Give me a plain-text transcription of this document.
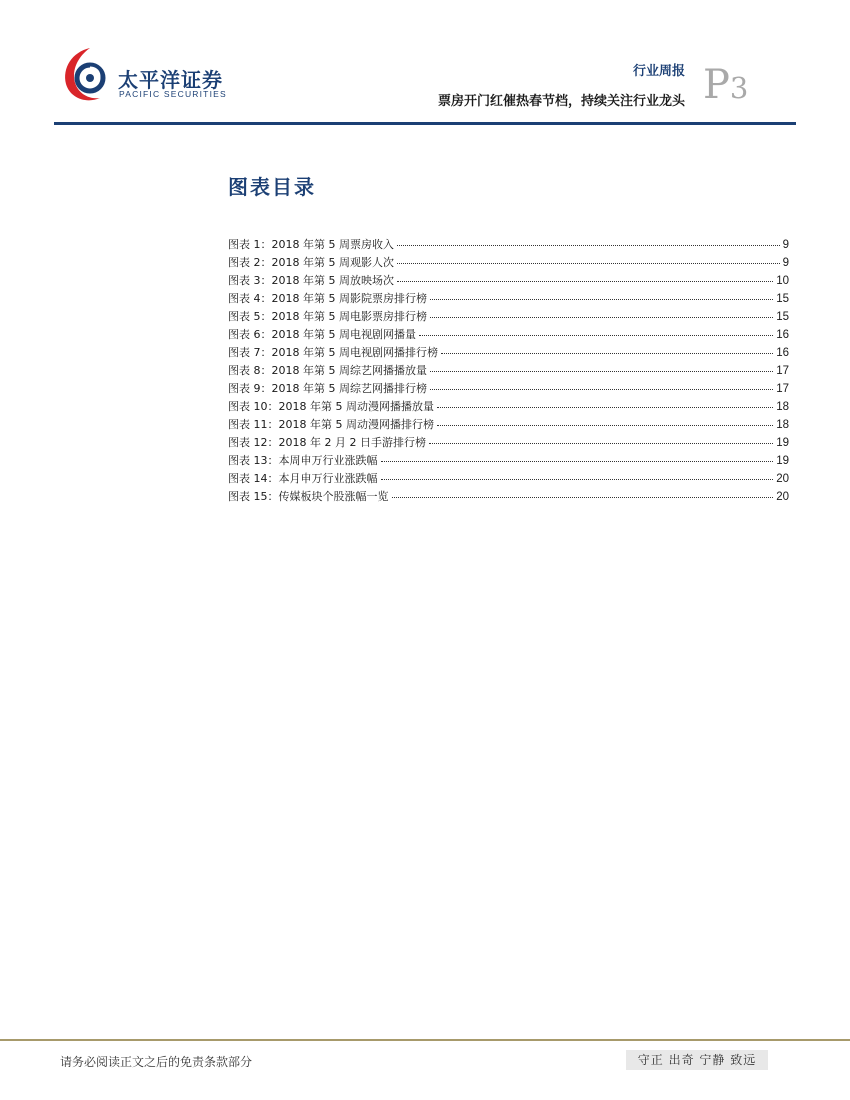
太平洋证券
PACIFIC SECURITIES
行业周报
票房开门红催热春节档，持续关注行业龙头 P3
图表目录
图表 1：2018 年第 5 周票房收入	9
图表 2：2018 年第 5 周观影人次	9
图表 3：2018 年第 5 周放映场次	10
图表 4：2018 年第 5 周影院票房排行榜	15
图表 5：2018 年第 5 周电影票房排行榜	15
图表 6：2018 年第 5 周电视剧网播量	16
图表 7：2018 年第 5 周电视剧网播排行榜	16
图表 8：2018 年第 5 周综艺网播播放量	17
图表 9：2018 年第 5 周综艺网播排行榜	17
图表 10：2018 年第 5 周动漫网播播放量	18
图表 11：2018 年第 5 周动漫网播排行榜	18
图表 12：2018 年 2 月 2 日手游排行榜	19
图表 13：本周申万行业涨跌幅	19
图表 14：本月申万行业涨跌幅	20
图表 15：传媒板块个股涨幅一览	20
请务必阅读正文之后的免责条款部分	守正 出奇 宁静 致远
